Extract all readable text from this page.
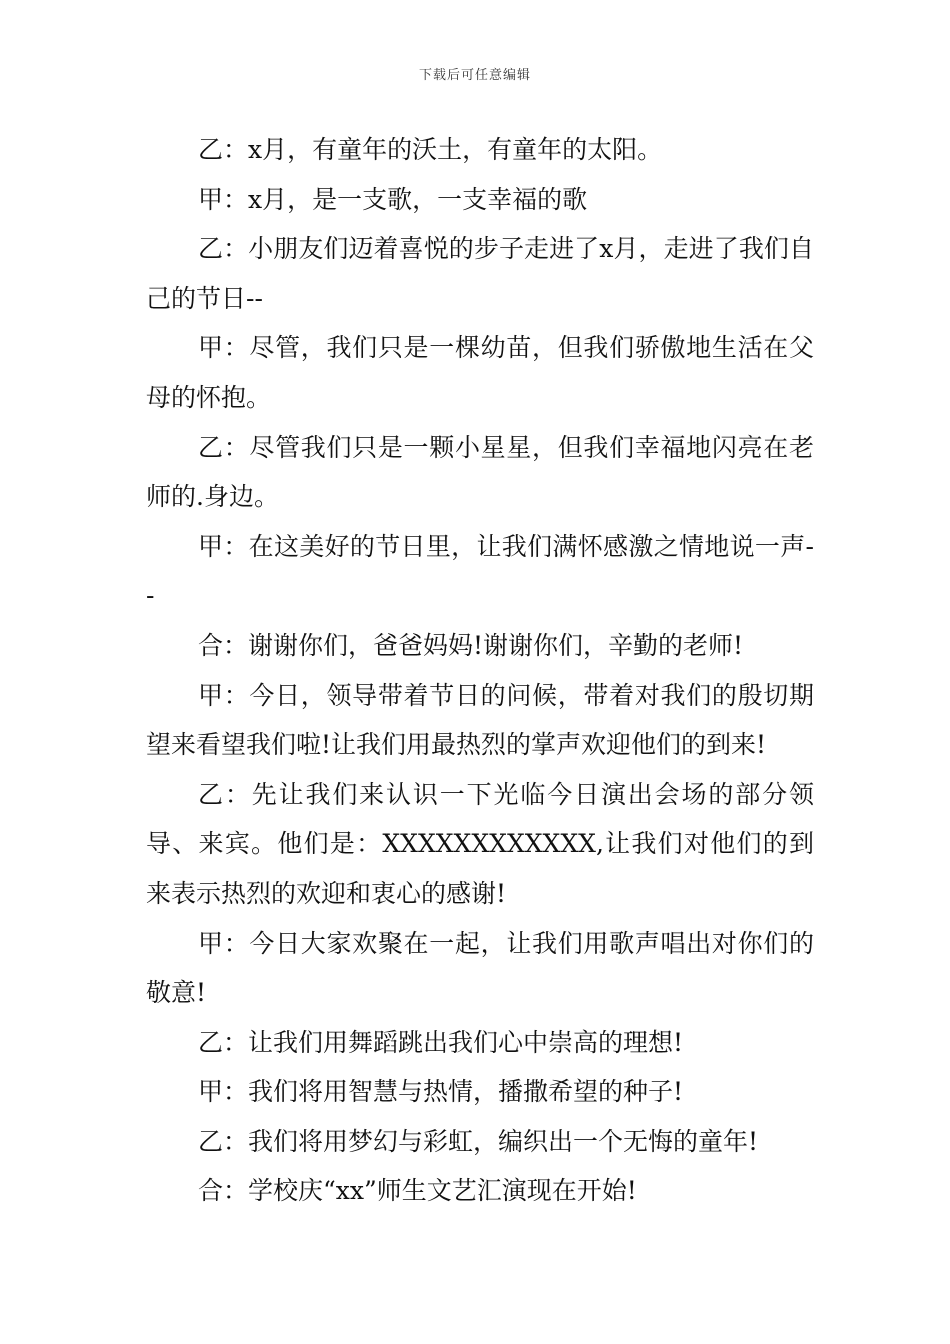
下载后可任意编辑

乙：x月，有童年的沃土，有童年的太阳。

甲：x月，是一支歌，一支幸福的歌

乙：小朋友们迈着喜悦的步子走进了x月，走进了我们自己的节日--

甲：尽管，我们只是一棵幼苗，但我们骄傲地生活在父母的怀抱。

乙：尽管我们只是一颗小星星，但我们幸福地闪亮在老师的.身边。

甲：在这美好的节日里，让我们满怀感激之情地说一声--

合：谢谢你们，爸爸妈妈!谢谢你们，辛勤的老师!

甲：今日，领导带着节日的问候，带着对我们的殷切期望来看望我们啦!让我们用最热烈的掌声欢迎他们的到来!

乙：先让我们来认识一下光临今日演出会场的部分领导、来宾。他们是：XXXXXXXXXXXX,让我们对他们的到来表示热烈的欢迎和衷心的感谢!

甲：今日大家欢聚在一起，让我们用歌声唱出对你们的敬意!

乙：让我们用舞蹈跳出我们心中崇高的理想!

甲：我们将用智慧与热情，播撒希望的种子!

乙：我们将用梦幻与彩虹，编织出一个无悔的童年!

合：学校庆“xx”师生文艺汇演现在开始!
